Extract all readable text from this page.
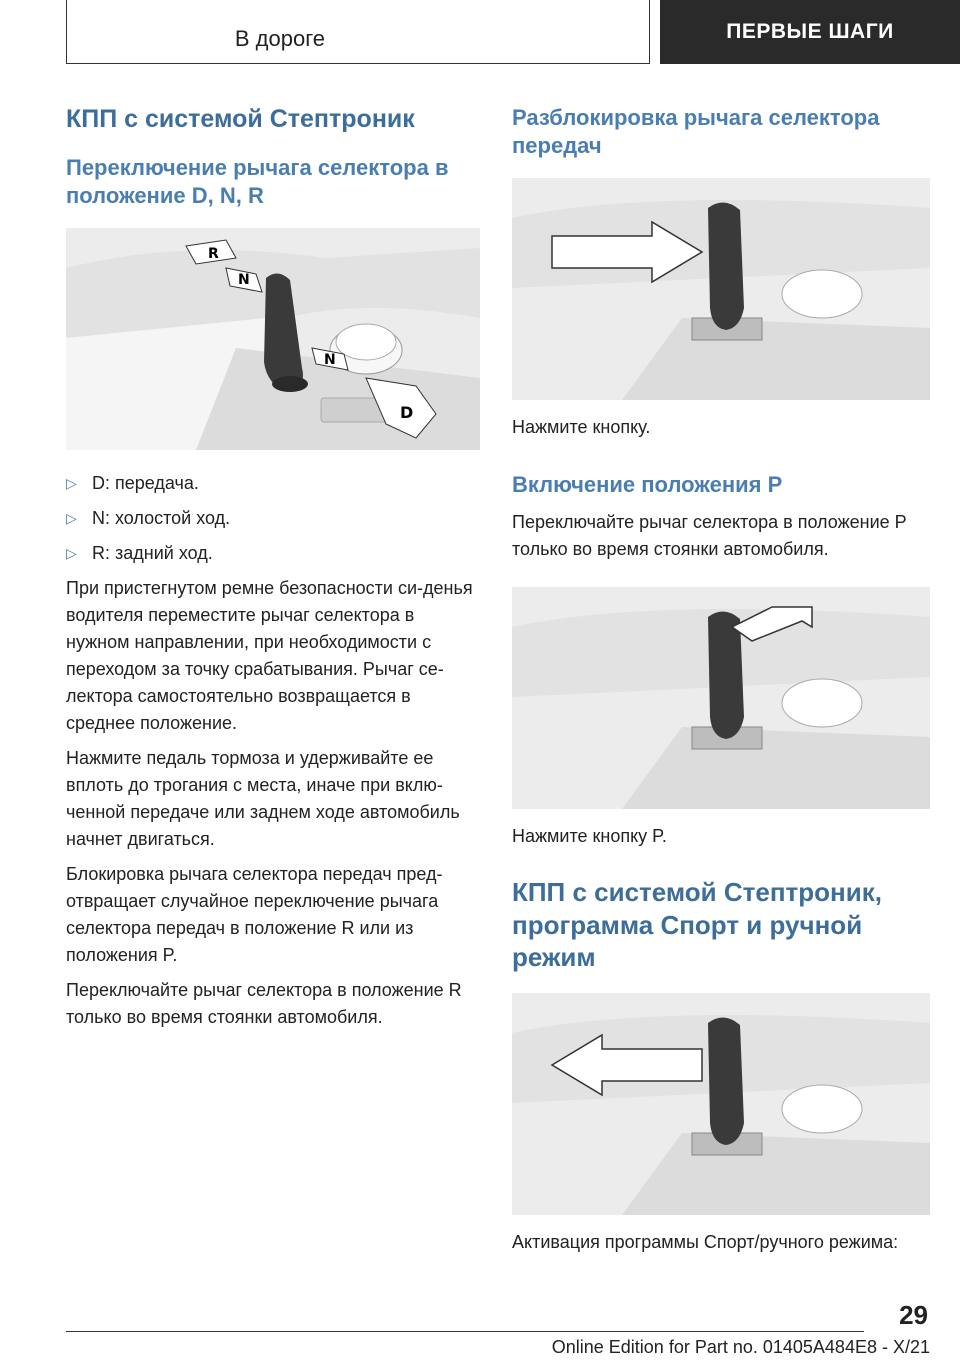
В дороге	ПЕРВЫЕ ШАГИ
КПП с системой Стептроник
Переключение рычага селектора в положение D, N, R
R
N
N
D
▷ D: передача.
▷ N: холостой ход.
▷ R: задний ход.

При пристегнутом ремне безопасности си-денья водителя переместите рычаг селектора в нужном направлении, при необходимости с переходом за точку срабатывания. Рычаг се-лектора самостоятельно возвращается в среднее положение.

Нажмите педаль тормоза и удерживайте ее вплоть до трогания с места, иначе при вклю-ченной передаче или заднем ходе автомобиль начнет двигаться.

Блокировка рычага селектора передач пред-отвращает случайное переключение рычага селектора передач в положение R или из положения P.

Переключайте рычаг селектора в положение R только во время стоянки автомобиля.

Разблокировка рычага селектора передач

Нажмите кнопку.

Включение положения P

Переключайте рычаг селектора в положение P только во время стоянки автомобиля.

Нажмите кнопку P.

КПП с системой Стептроник, программа Спорт и ручной режим

Активация программы Спорт/ручного режима:

29
Online Edition for Part no. 01405A484E8 - X/21
